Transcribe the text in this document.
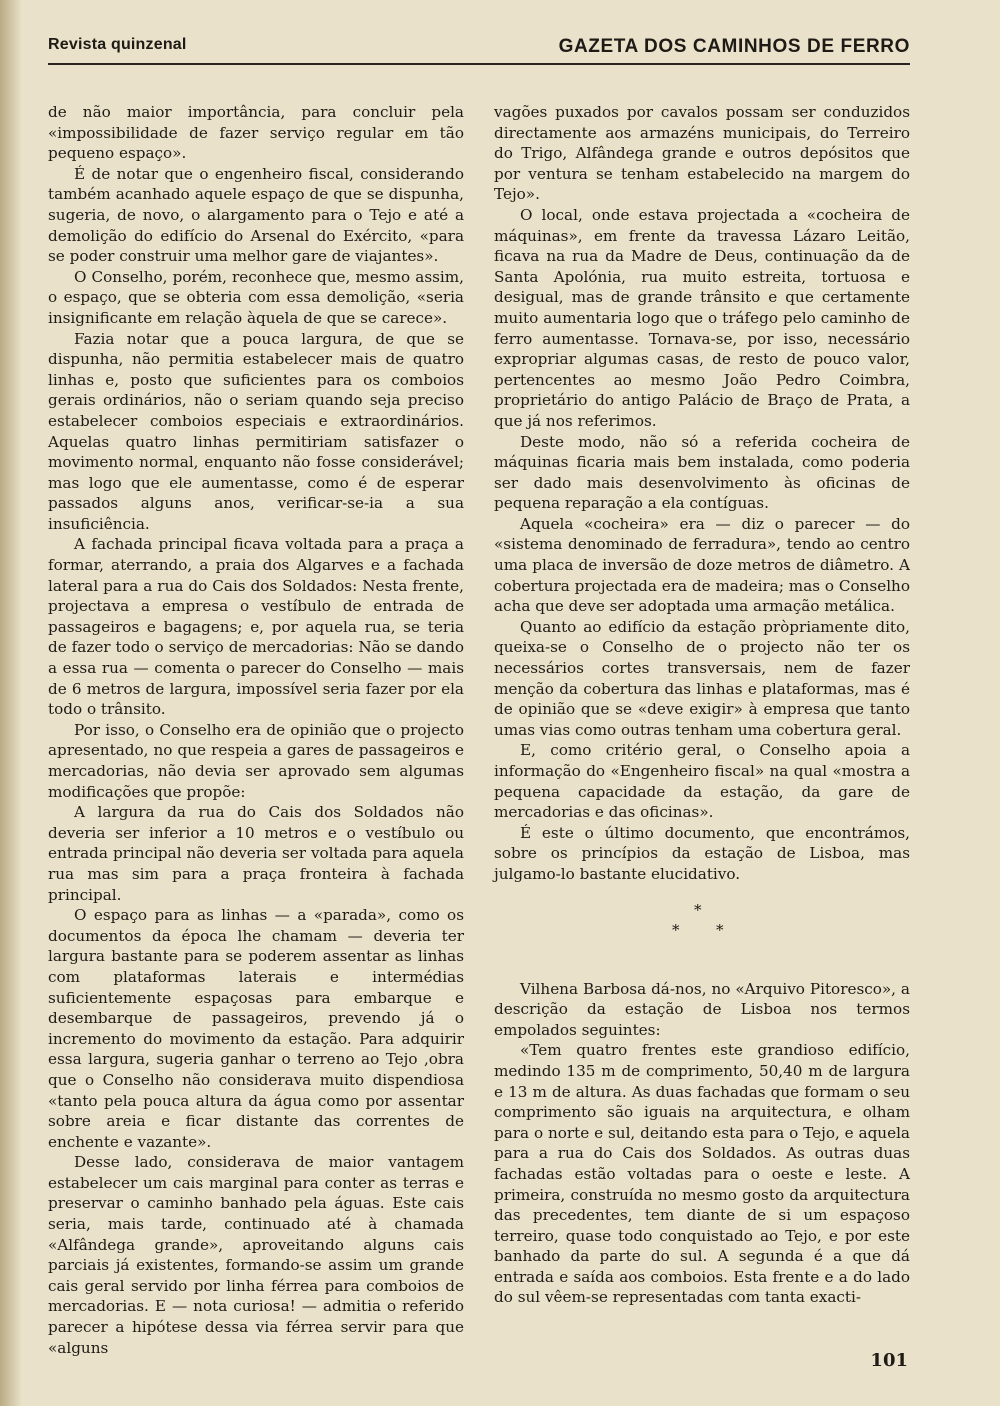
Revista quinzenal	GAZETA DOS CAMINHOS DE FERRO

de não maior importância, para concluir pela «impossibilidade de fazer serviço regular em tão pequeno espaço».

É de notar que o engenheiro fiscal, considerando também acanhado aquele espaço de que se dispunha, sugeria, de novo, o alargamento para o Tejo e até a demolição do edifício do Arsenal do Exército, «para se poder construir uma melhor gare de viajantes».

O Conselho, porém, reconhece que, mesmo assim, o espaço, que se obteria com essa demolição, «seria insignificante em relação àquela de que se carece».

Fazia notar que a pouca largura, de que se dispunha, não permitia estabelecer mais de quatro linhas e, posto que suficientes para os comboios gerais ordinários, não o seriam quando seja preciso estabelecer comboios especiais e extraordinários. Aquelas quatro linhas permitiriam satisfazer o movimento normal, enquanto não fosse considerável; mas logo que ele aumentasse, como é de esperar passados alguns anos, verificar-se-ia a sua insuficiência.

A fachada principal ficava voltada para a praça a formar, aterrando, a praia dos Algarves e a fachada lateral para a rua do Cais dos Soldados: Nesta frente, projectava a empresa o vestíbulo de entrada de passageiros e bagagens; e, por aquela rua, se teria de fazer todo o serviço de mercadorias: Não se dando a essa rua — comenta o parecer do Conselho — mais de 6 metros de largura, impossível seria fazer por ela todo o trânsito.

Por isso, o Conselho era de opinião que o projecto apresentado, no que respeia a gares de passageiros e mercadorias, não devia ser aprovado sem algumas modificações que propõe:

A largura da rua do Cais dos Soldados não deveria ser inferior a 10 metros e o vestíbulo ou entrada principal não deveria ser voltada para aquela rua mas sim para a praça fronteira à fachada principal.

O espaço para as linhas — a «parada», como os documentos da época lhe chamam — deveria ter largura bastante para se poderem assentar as linhas com plataformas laterais e intermédias suficientemente espaçosas para embarque e desembarque de passageiros, prevendo já o incremento do movimento da estação. Para adquirir essa largura, sugeria ganhar o terreno ao Tejo ,obra que o Conselho não considerava muito dispendiosa «tanto pela pouca altura da água como por assentar sobre areia e ficar distante das correntes de enchente e vazante».

Desse lado, considerava de maior vantagem estabelecer um cais marginal para conter as terras e preservar o caminho banhado pela águas. Este cais seria, mais tarde, continuado até à chamada «Alfândega grande», aproveitando alguns cais parciais já existentes, formando-se assim um grande cais geral servido por linha férrea para comboios de mercadorias. E — nota curiosa! — admitia o referido parecer a hipótese dessa via férrea servir para que «alguns

vagões puxados por cavalos possam ser conduzidos directamente aos armazéns municipais, do Terreiro do Trigo, Alfândega grande e outros depósitos que por ventura se tenham estabelecido na margem do Tejo».

O local, onde estava projectada a «cocheira de máquinas», em frente da travessa Lázaro Leitão, ficava na rua da Madre de Deus, continuação da de Santa Apolónia, rua muito estreita, tortuosa e desigual, mas de grande trânsito e que certamente muito aumentaria logo que o tráfego pelo caminho de ferro aumentasse. Tornava-se, por isso, necessário expropriar algumas casas, de resto de pouco valor, pertencentes ao mesmo João Pedro Coimbra, proprietário do antigo Palácio de Braço de Prata, a que já nos referimos.

Deste modo, não só a referida cocheira de máquinas ficaria mais bem instalada, como poderia ser dado mais desenvolvimento às oficinas de pequena reparação a ela contíguas.

Aquela «cocheira» era — diz o parecer — do «sistema denominado de ferradura», tendo ao centro uma placa de inversão de doze metros de diâmetro. A cobertura projectada era de madeira; mas o Conselho acha que deve ser adoptada uma armação metálica.

Quanto ao edifício da estação pròpriamente dito, queixa-se o Conselho de o projecto não ter os necessários cortes transversais, nem de fazer menção da cobertura das linhas e plataformas, mas é de opinião que se «deve exigir» à empresa que tanto umas vias como outras tenham uma cobertura geral.

E, como critério geral, o Conselho apoia a informação do «Engenheiro fiscal» na qual «mostra a pequena capacidade da estação, da gare de mercadorias e das oficinas».

É este o último documento, que encontrámos, sobre os princípios da estação de Lisboa, mas julgamo-lo bastante elucidativo.

*
* *

Vilhena Barbosa dá-nos, no «Arquivo Pitoresco», a descrição da estação de Lisboa nos termos empolados seguintes:

«Tem quatro frentes este grandioso edifício, medindo 135 m de comprimento, 50,40 m de largura e 13 m de altura. As duas fachadas que formam o seu comprimento são iguais na arquitectura, e olham para o norte e sul, deitando esta para o Tejo, e aquela para a rua do Cais dos Soldados. As outras duas fachadas estão voltadas para o oeste e leste. A primeira, construída no mesmo gosto da arquitectura das precedentes, tem diante de si um espaçoso terreiro, quase todo conquistado ao Tejo, e por este banhado da parte do sul. A segunda é a que dá entrada e saída aos comboios. Esta frente e a do lado do sul vêem-se representadas com tanta exacti-

101
